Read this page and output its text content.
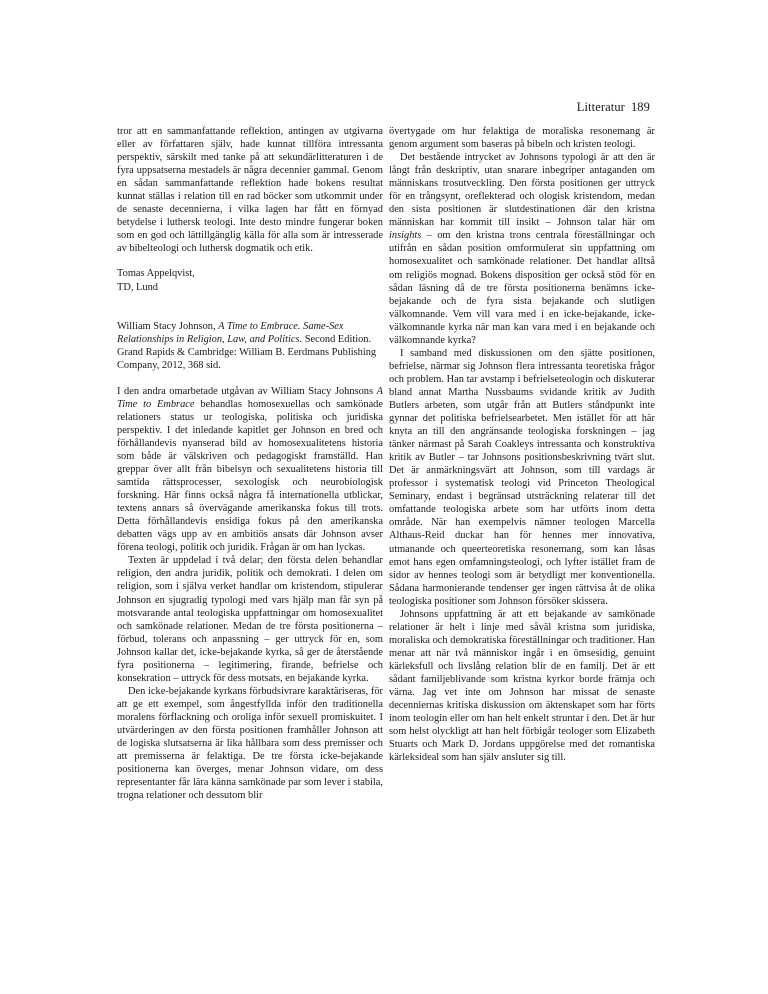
Litteratur 189

tror att en sammanfattande reflektion, antingen av utgivarna eller av författaren själv, hade kunnat tillföra intressanta perspektiv, särskilt med tanke på att sekundärlitteraturen i de fyra uppsatserna mestadels är några decennier gammal. Genom en sådan sammanfattande reflektion hade bokens resultat kunnat ställas i relation till en rad böcker som utkommit under de senaste decennierna, i vilka lagen har fått en förnyad betydelse i luthersk teologi. Inte desto mindre fungerar boken som en god och lättillgänglig källa för alla som är intresserade av bibelteologi och luthersk dogmatik och etik.

Tomas Appelqvist,

TD, Lund

William Stacy Johnson, A Time to Embrace. Same-Sex Relationships in Religion, Law, and Politics. Second Edition. Grand Rapids & Cambridge: William B. Eerdmans Publishing Company, 2012, 368 sid.

I den andra omarbetade utgåvan av William Stacy Johnsons A Time to Embrace behandlas homosexuellas och samkönade relationers status ur teologiska, politiska och juridiska perspektiv. I det inledande kapitlet ger Johnson en bred och förhållandevis nyanserad bild av homosexualitetens historia som både är välskriven och pedagogiskt framställd. Han greppar över allt från bibelsyn och sexualitetens historia till samtida rättsprocesser, sexologisk och neurobiologisk forskning. Här finns också några få internationella utblickar, textens annars så övervägande amerikanska fokus till trots. Detta förhållandevis ensidiga fokus på den amerikanska debatten vägs upp av en ambitiös ansats där Johnson avser förena teologi, politik och juridik. Frågan är om han lyckas.

Texten är uppdelad i två delar; den första delen behandlar religion, den andra juridik, politik och demokrati. I delen om religion, som i själva verket handlar om kristendom, stipulerar Johnson en sjugradig typologi med vars hjälp man får syn på motsvarande antal teologiska uppfattningar om homosexualitet och samkönade relationer. Medan de tre första positionerna – förbud, tolerans och anpassning – ger uttryck för en, som Johnson kallar det, icke-bejakande kyrka, så ger de återstående fyra positionerna – legitimering, firande, befrielse och konsekration – uttryck för dess motsats, en bejakande kyrka.

Den icke-bejakande kyrkans förbudsivrare karaktäriseras, för att ge ett exempel, som ångestfyllda inför den traditionella moralens förflackning och oroliga inför sexuell promiskuitet. I utvärderingen av den första positionen framhåller Johnson att de logiska slutsatserna är lika hållbara som dess premisser och att premisserna är felaktiga. De tre första icke-bejakande positionerna kan överges, menar Johnson vidare, om dess representanter får lära känna samkönade par som lever i stabila, trogna relationer och dessutom blir

övertygade om hur felaktiga de moraliska resonemang är genom argument som baseras på bibeln och kristen teologi.

Det bestående intrycket av Johnsons typologi är att den är långt från deskriptiv, utan snarare inbegriper antaganden om människans trosutveckling. Den första positionen ger uttryck för en trångsynt, oreflekterad och ologisk kristendom, medan den sista positionen är slutdestinationen där den kristna människan har kommit till insikt – Johnson talar här om insights – om den kristna trons centrala föreställningar och utifrån en sådan position omformulerat sin uppfattning om homosexualitet och samkönade relationer. Det handlar alltså om religiös mognad. Bokens disposition ger också stöd för en sådan läsning då de tre första positionerna benämns icke-bejakande och de fyra sista bejakande och slutligen välkomnande. Vem vill vara med i en icke-bejakande, icke-välkomnande kyrka när man kan vara med i en bejakande och välkomnande kyrka?

I samband med diskussionen om den sjätte positionen, befrielse, närmar sig Johnson flera intressanta teoretiska frågor och problem. Han tar avstamp i befrielseteologin och diskuterar bland annat Martha Nussbaums svidande kritik av Judith Butlers arbeten, som utgår från att Butlers ståndpunkt inte gynnar det politiska befrielsearbetet. Men istället för att här knyta an till den angränsande teologiska forskningen – jag tänker närmast på Sarah Coakleys intressanta och konstruktiva kritik av Butler – tar Johnsons positionsbeskrivning tvärt slut. Det är anmärkningsvärt att Johnson, som till vardags är professor i systematisk teologi vid Princeton Theological Seminary, endast i begränsad utsträckning relaterar till det omfattande teologiska arbete som har utförts inom detta område. När han exempelvis nämner teologen Marcella Althaus-Reid duckar han för hennes mer innovativa, utmanande och queerteoretiska resonemang, som kan låsas emot hans egen omfamningsteologi, och lyfter istället fram de sidor av hennes teologi som är betydligt mer konventionella. Sådana harmonierande tendenser ger ingen rättvisa åt de olika teologiska positioner som Johnson försöker skissera.

Johnsons uppfattning är att ett bejakande av samkönade relationer är helt i linje med såväl kristna som juridiska, moraliska och demokratiska föreställningar och traditioner. Han menar att när två människor ingår i en ömsesidig, genuint kärleksfull och livslång relation blir de en familj. Det är ett sådant familjeblivande som kristna kyrkor borde främja och värna. Jag vet inte om Johnson har missat de senaste decenniernas kritiska diskussion om äktenskapet som har förts inom teologin eller om han helt enkelt struntar i den. Det är hur som helst olyckligt att han helt förbigår teologer som Elizabeth Stuarts och Mark D. Jordans uppgörelse med det romantiska kärleksideal som han själv ansluter sig till.
